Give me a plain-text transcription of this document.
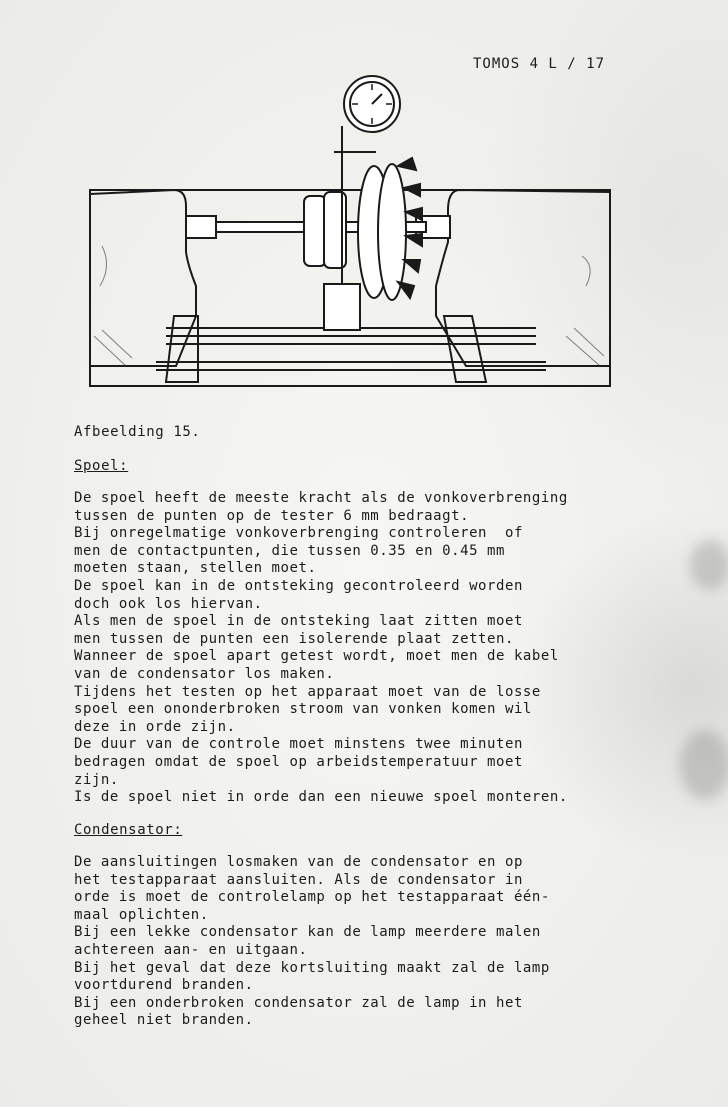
TOMOS 4 L / 17
Afbeelding 15.
Spoel:
De spoel heeft de meeste kracht als de vonkoverbrenging
tussen de punten op de tester 6 mm bedraagt.
Bij onregelmatige vonkoverbrenging controleren  of
men de contactpunten, die tussen 0.35 en 0.45 mm
moeten staan, stellen moet.
De spoel kan in de ontsteking gecontroleerd worden
doch ook los hiervan.
Als men de spoel in de ontsteking laat zitten moet
men tussen de punten een isolerende plaat zetten.
Wanneer de spoel apart getest wordt, moet men de kabel
van de condensator los maken.
Tijdens het testen op het apparaat moet van de losse
spoel een ononderbroken stroom van vonken komen wil
deze in orde zijn.
De duur van de controle moet minstens twee minuten
bedragen omdat de spoel op arbeidstemperatuur moet
zijn.
Is de spoel niet in orde dan een nieuwe spoel monteren.
Condensator:
De aansluitingen losmaken van de condensator en op
het testapparaat aansluiten. Als de condensator in
orde is moet de controlelamp op het testapparaat één-
maal oplichten.
Bij een lekke condensator kan de lamp meerdere malen
achtereen aan- en uitgaan.
Bij het geval dat deze kortsluiting maakt zal de lamp
voortdurend branden.
Bij een onderbroken condensator zal de lamp in het
geheel niet branden.
